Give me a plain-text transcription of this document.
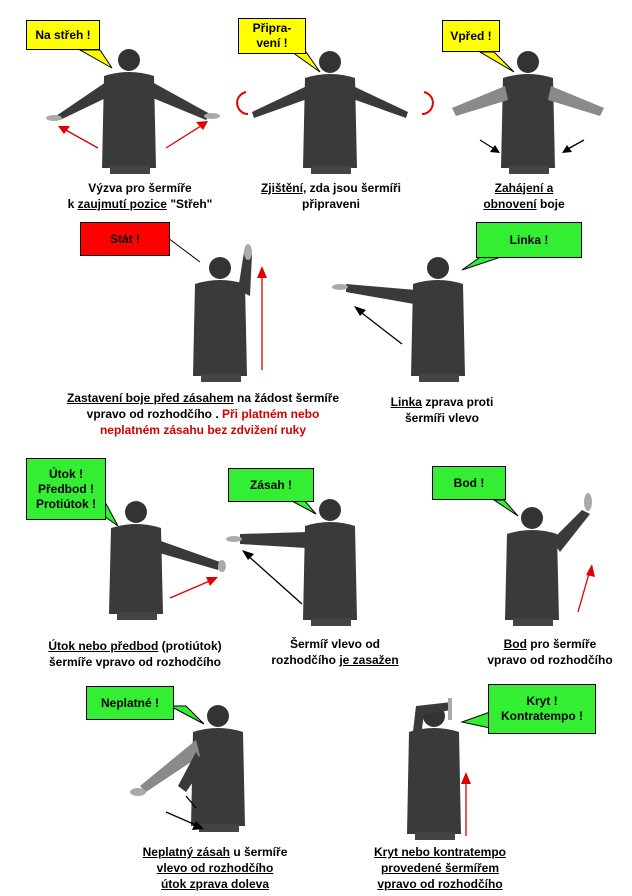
Na střeh !	Připra-
vení !
Vpřed !
Stát !	Linka !
Útok !
Předbod !
Protiútok !
Zásah !	Bod !
Neplatné !	Kryt !
Kontratempo !
Výzva pro šermíře
k zaujmutí pozice "Střeh"
Zjištění, zda jsou šermíři
připraveni
Zahájení a
obnovení boje
Zastavení boje před zásahem na žádost šermíře
vpravo od rozhodčího . Při platném nebo
neplatném zásahu bez zdvižení ruky
Linka zprava proti
šermíři vlevo
Útok nebo předbod (protiútok)
šermíře vpravo od rozhodčího
Šermíř vlevo od
rozhodčího je zasažen
Bod pro šermíře
vpravo od rozhodčího
Neplatný zásah u šermíře
vlevo od rozhodčího
útok zprava doleva
Kryt nebo kontratempo
provedené šermířem
vpravo od rozhodčího
